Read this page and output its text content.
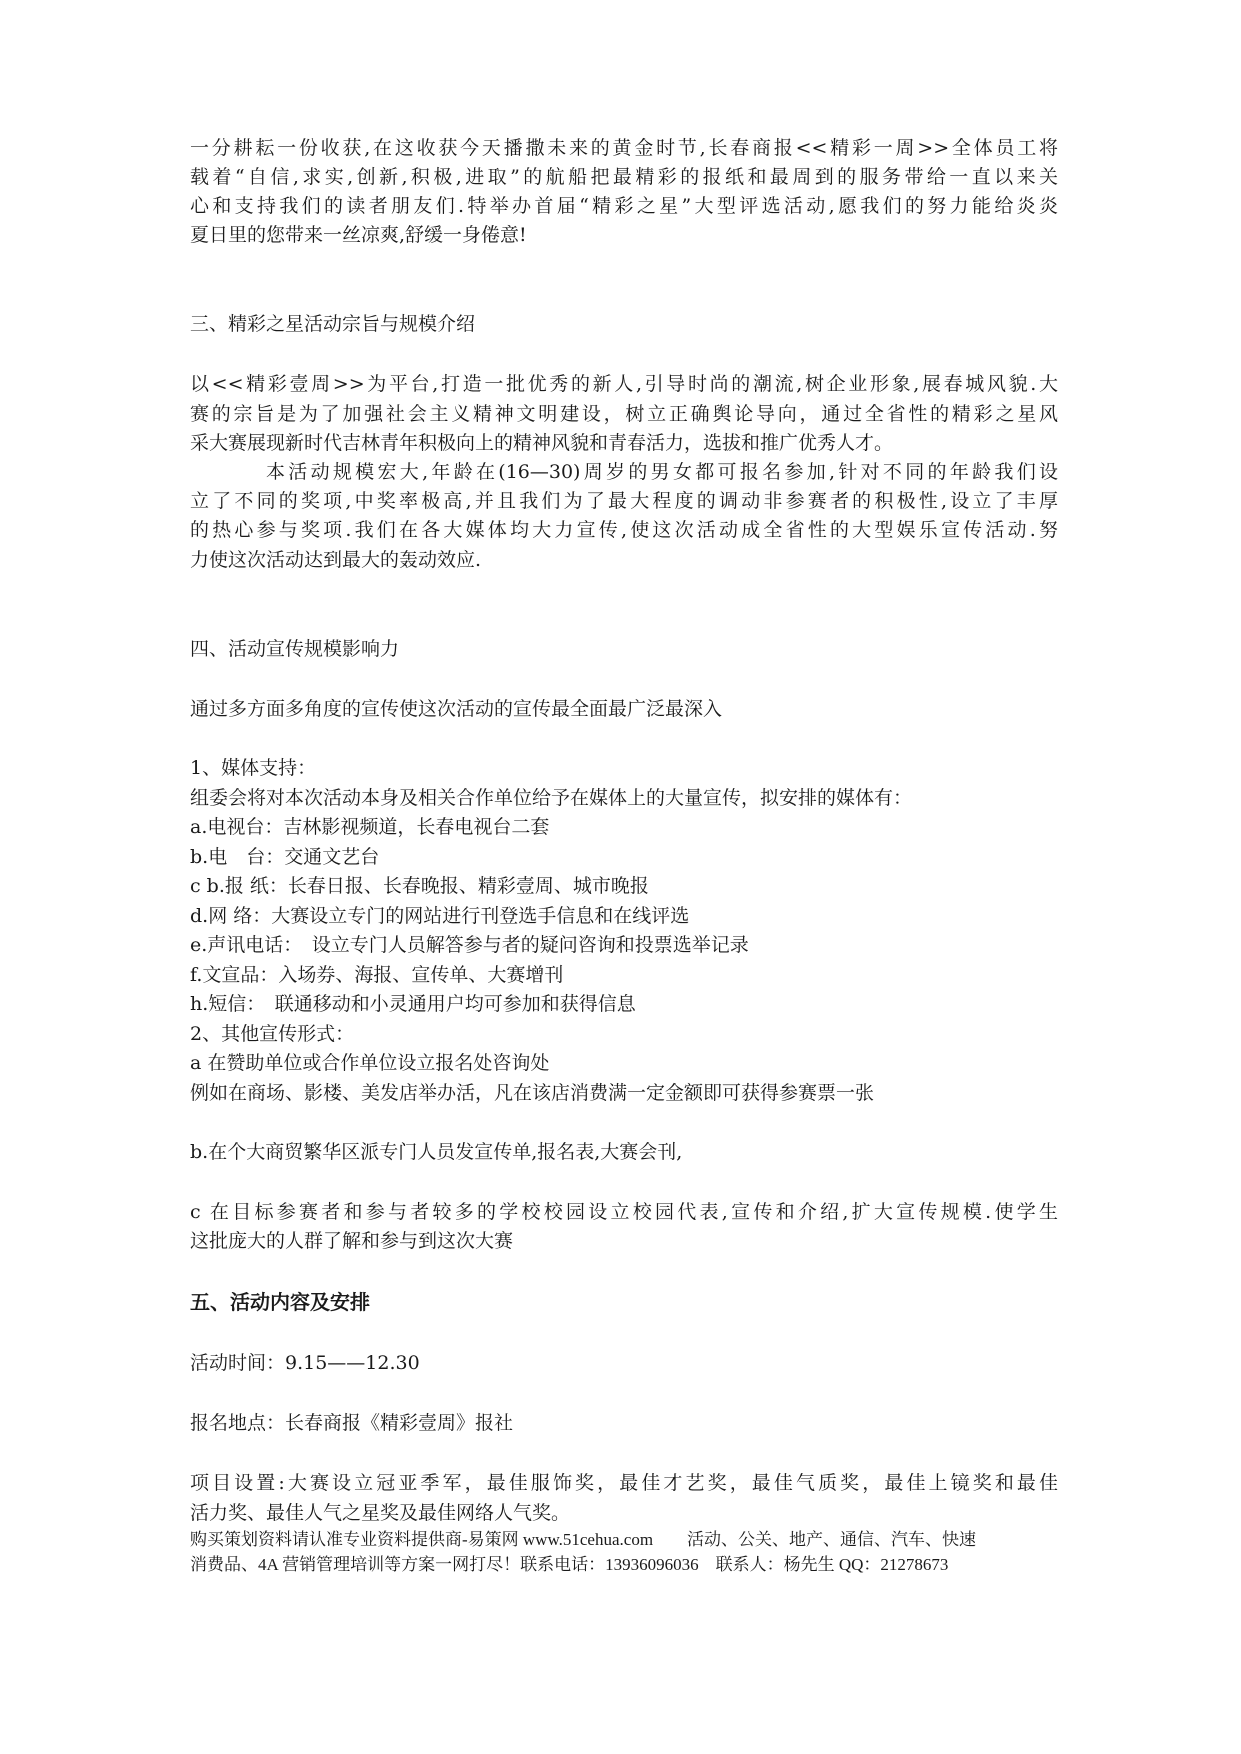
一分耕耘一份收获,在这收获今天播撒未来的黄金时节,长春商报<<精彩一周>>全体员工将
载着“自信,求实,创新,积极,进取”的航船把最精彩的报纸和最周到的服务带给一直以来关
心和支持我们的读者朋友们.特举办首届“精彩之星”大型评选活动,愿我们的努力能给炎炎
夏日里的您带来一丝凉爽,舒缓一身倦意!
三、精彩之星活动宗旨与规模介绍
以<<精彩壹周>>为平台,打造一批优秀的新人,引导时尚的潮流,树企业形象,展春城风貌.大
赛的宗旨是为了加强社会主义精神文明建设，树立正确舆论导向，通过全省性的精彩之星风
采大赛展现新时代吉林青年积极向上的精神风貌和青春活力，选拔和推广优秀人才。
本活动规模宏大,年龄在(16—30)周岁的男女都可报名参加,针对不同的年龄我们设
立了不同的奖项,中奖率极高,并且我们为了最大程度的调动非参赛者的积极性,设立了丰厚
的热心参与奖项.我们在各大媒体均大力宣传,使这次活动成全省性的大型娱乐宣传活动.努
力使这次活动达到最大的轰动效应.
四、活动宣传规模影响力
通过多方面多角度的宣传使这次活动的宣传最全面最广泛最深入
1、媒体支持：
组委会将对本次活动本身及相关合作单位给予在媒体上的大量宣传，拟安排的媒体有：
a.电视台：吉林影视频道，长春电视台二套
b.电　台：交通文艺台
c b.报 纸：长春日报、长春晚报、精彩壹周、城市晚报
d.网 络：大赛设立专门的网站进行刊登选手信息和在线评选
e.声讯电话：　设立专门人员解答参与者的疑问咨询和投票选举记录
f.文宣品：入场券、海报、宣传单、大赛增刊
h.短信：　联通移动和小灵通用户均可参加和获得信息
2、其他宣传形式：
a 在赞助单位或合作单位设立报名处咨询处
例如在商场、影楼、美发店举办活，凡在该店消费满一定金额即可获得参赛票一张
b.在个大商贸繁华区派专门人员发宣传单,报名表,大赛会刊,
c 在目标参赛者和参与者较多的学校校园设立校园代表,宣传和介绍,扩大宣传规模.使学生
这批庞大的人群了解和参与到这次大赛
五、活动内容及安排
活动时间：9.15——12.30
报名地点：长春商报《精彩壹周》报社
项目设置:大赛设立冠亚季军，最佳服饰奖，最佳才艺奖，最佳气质奖，最佳上镜奖和最佳
活力奖、最佳人气之星奖及最佳网络人气奖。
购买策划资料请认准专业资料提供商-易策网 www.51cehua.com　　活动、公关、地产、通信、汽车、快速
消费品、4A 营销管理培训等方案一网打尽！联系电话：13936096036　联系人：杨先生 QQ：21278673
